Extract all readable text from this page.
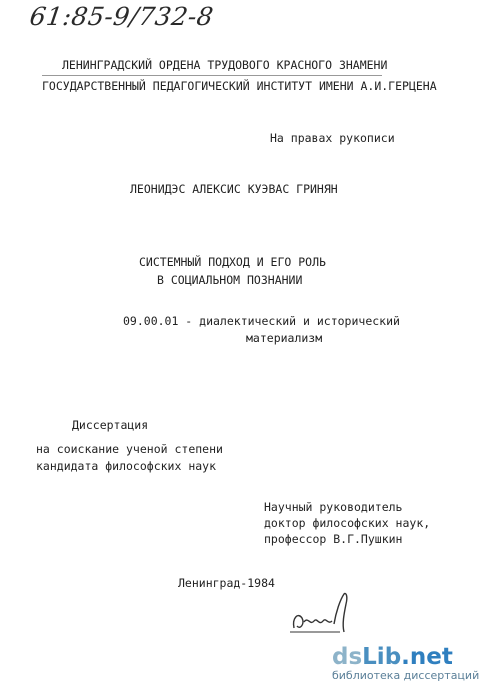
61:85-9/732-8
ЛЕНИНГРАДСКИЙ ОРДЕНА ТРУДОВОГО КРАСНОГО ЗНАМЕНИ
ГОСУДАРСТВЕННЫЙ ПЕДАГОГИЧЕСКИЙ ИНСТИТУТ ИМЕНИ А.И.ГЕРЦЕНА
На правах рукописи
ЛЕОНИДЭС АЛЕКСИС КУЭВАС ГРИНЯН
СИСТЕМНЫЙ ПОДХОД И ЕГО РОЛЬ
В СОЦИАЛЬНОМ ПОЗНАНИИ
09.00.01 - диалектический и исторический
материализм
Диссертация
на соискание ученой степени
кандидата философских наук
Научный руководитель
доктор философских наук,
профессор В.Г.Пушкин
Ленинград-1984
dsLib.net
библиотека диссертаций
